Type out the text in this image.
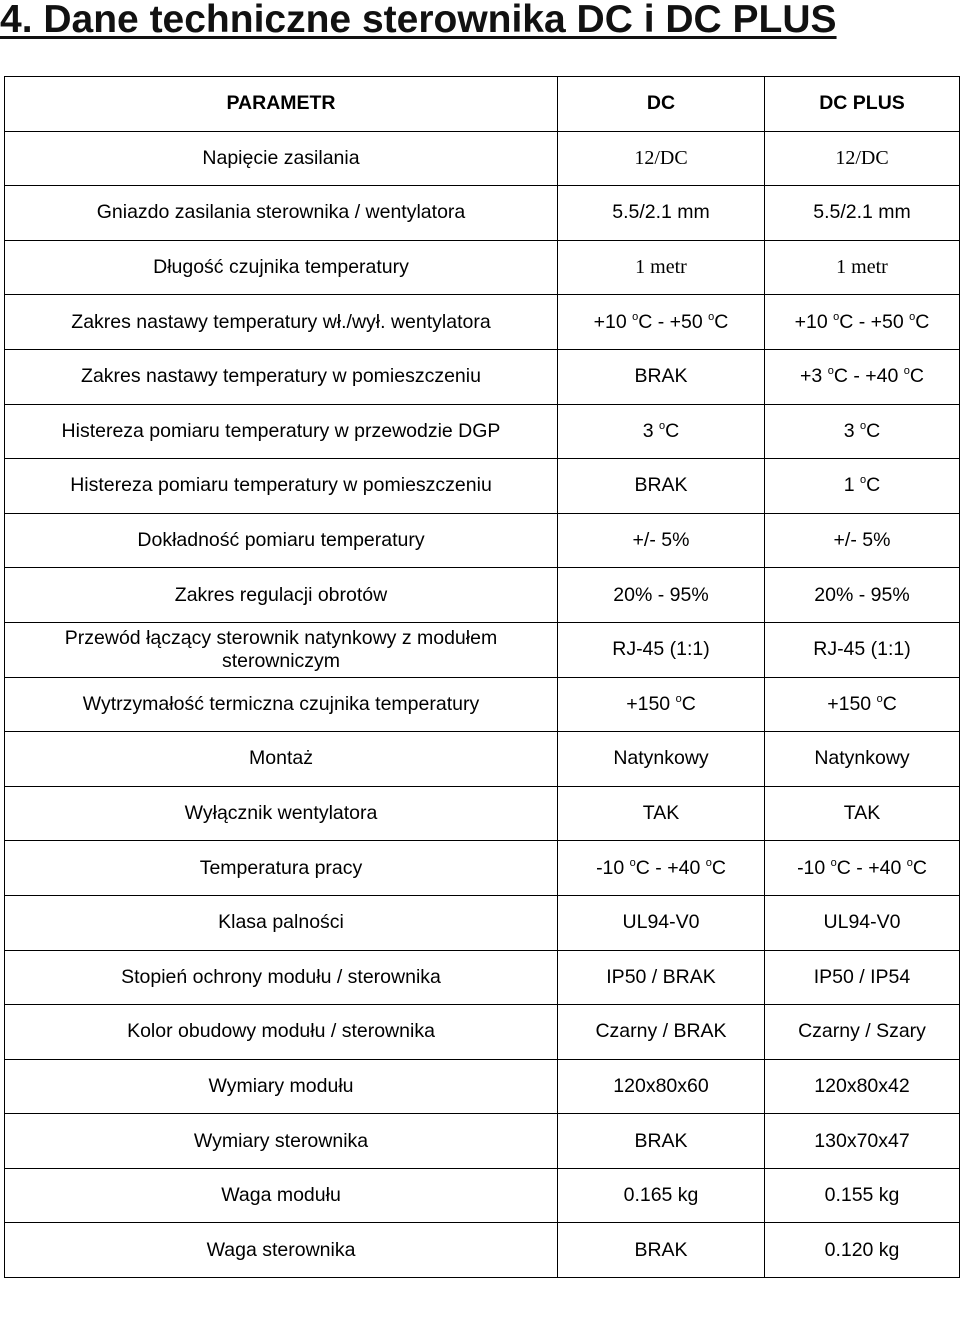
4. Dane techniczne sterownika DC i DC PLUS
PARAMETR	DC	DC PLUS
Napięcie zasilania	12/DC	12/DC
Gniazdo zasilania sterownika / wentylatora	5.5/2.1 mm	5.5/2.1 mm
Długość czujnika temperatury	1 metr	1 metr
Zakres nastawy temperatury wł./wył. wentylatora	+10 $^o$C - +50 $^o$C	+10 $^o$C - +50 $^o$C
Zakres nastawy temperatury w pomieszczeniu	BRAK	+3 $^o$C - +40 $^o$C
Histereza pomiaru temperatury w przewodzie DGP	3 $^o$C	3 $^o$C
Histereza pomiaru temperatury w pomieszczeniu	BRAK	1 $^o$C
Dokładność pomiaru temperatury	+/- 5%	+/- 5%
Zakres regulacji obrotów	20% - 95%	20% - 95%
Przewód łączący sterownik natynkowy z modułem sterowniczym	RJ-45 (1:1)	RJ-45 (1:1)
Wytrzymałość termiczna czujnika temperatury	+150 $^o$C	+150 $^o$C
Montaż	Natynkowy	Natynkowy
Wyłącznik wentylatora	TAK	TAK
Temperatura pracy	-10 $^o$C - +40 $^o$C	-10 $^o$C - +40 $^o$C
Klasa palności	UL94-V0	UL94-V0
Stopień ochrony modułu / sterownika	IP50 / BRAK	IP50 / IP54
Kolor obudowy modułu / sterownika	Czarny / BRAK	Czarny / Szary
Wymiary modułu	120x80x60	120x80x42
Wymiary sterownika	BRAK	130x70x47
Waga modułu	0.165 kg	0.155 kg
Waga sterownika	BRAK	0.120 kg
